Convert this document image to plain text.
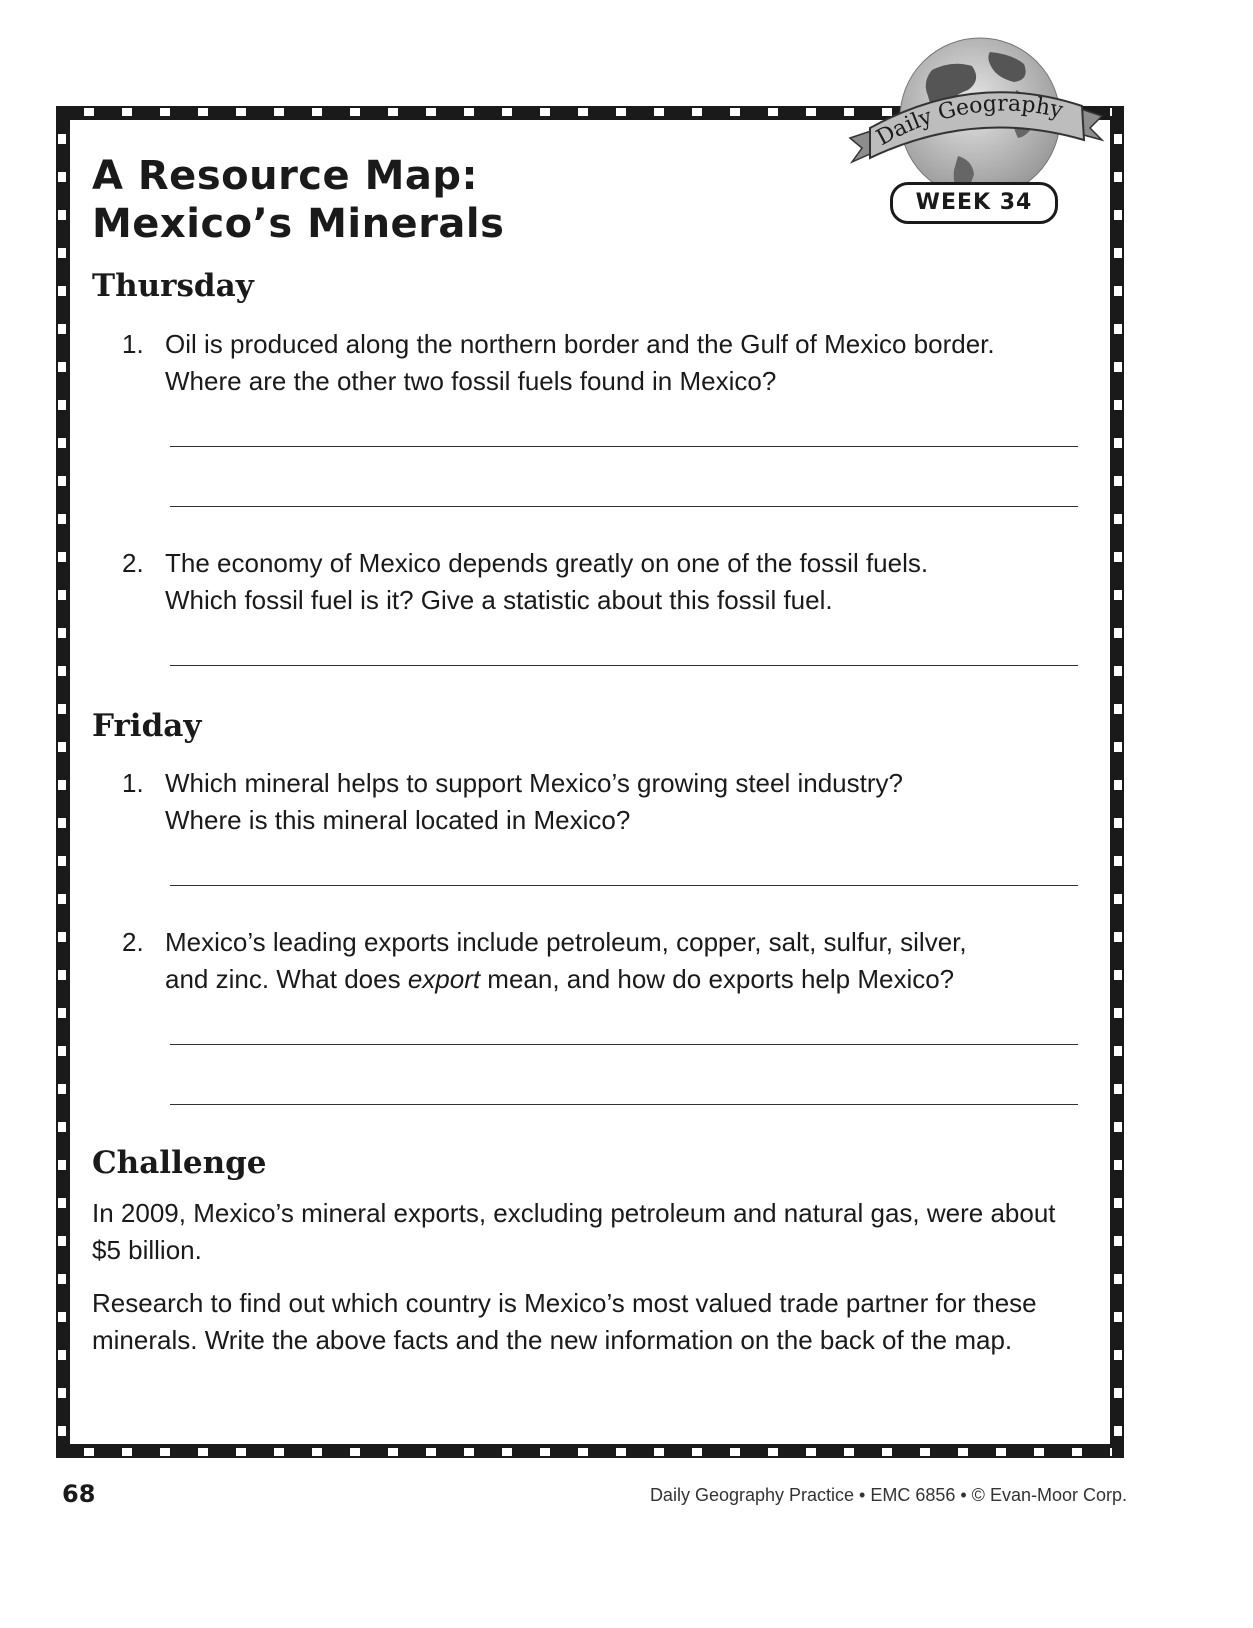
Daily Geography
WEEK 34
A Resource Map:
Mexico’s Minerals
Thursday
1. Oil is produced along the northern border and the Gulf of Mexico border.
Where are the other two fossil fuels found in Mexico?
2. The economy of Mexico depends greatly on one of the fossil fuels.
Which fossil fuel is it? Give a statistic about this fossil fuel.
Friday
1. Which mineral helps to support Mexico’s growing steel industry?
Where is this mineral located in Mexico?
2. Mexico’s leading exports include petroleum, copper, salt, sulfur, silver,
and zinc. What does export mean, and how do exports help Mexico?
Challenge
In 2009, Mexico’s mineral exports, excluding petroleum and natural gas, were about $5 billion.
Research to find out which country is Mexico’s most valued trade partner for these minerals. Write the above facts and the new information on the back of the map.
68	Daily Geography Practice • EMC 6856 • © Evan-Moor Corp.
